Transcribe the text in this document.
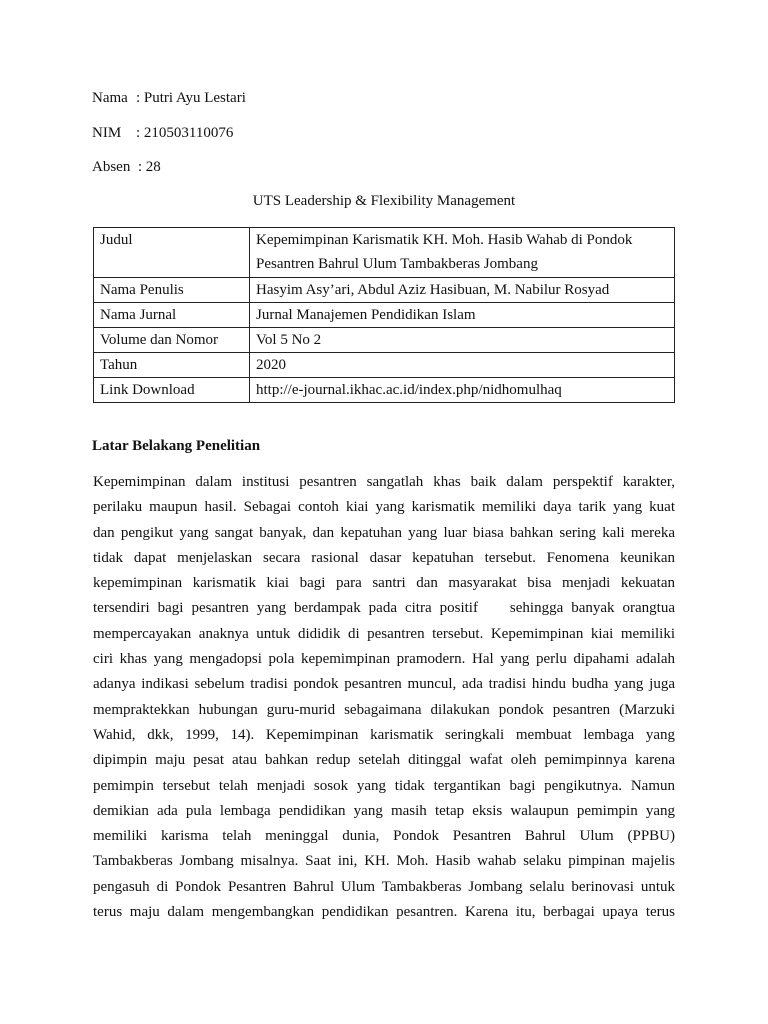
Nama : Putri Ayu Lestari
NIM : 210503110076
Absen  : 28
UTS Leadership & Flexibility Management
Judul	Kepemimpinan Karismatik KH. Moh. Hasib Wahab di Pondok
Pesantren Bahrul Ulum Tambakberas Jombang

Nama Penulis	Hasyim Asy’ari, Abdul Aziz Hasibuan, M. Nabilur Rosyad
Nama Jurnal	Jurnal Manajemen Pendidikan Islam
Volume dan Nomor	Vol 5 No 2
Tahun	2020
Link Download	http://e-journal.ikhac.ac.id/index.php/nidhomulhaq
Latar Belakang Penelitian
Kepemimpinan dalam institusi pesantren sangatlah khas baik dalam perspektif karakter,
perilaku maupun hasil. Sebagai contoh kiai yang karismatik memiliki daya tarik yang kuat
dan pengikut yang sangat banyak, dan kepatuhan yang luar biasa bahkan sering kali mereka
tidak dapat menjelaskan secara rasional dasar kepatuhan tersebut. Fenomena keunikan
kepemimpinan karismatik kiai bagi para santri dan masyarakat bisa menjadi kekuatan
tersendiri bagi pesantren yang berdampak pada citra positif    sehingga banyak orangtua
mempercayakan anaknya untuk dididik di pesantren tersebut. Kepemimpinan kiai memiliki
ciri khas yang mengadopsi pola kepemimpinan pramodern. Hal yang perlu dipahami adalah
adanya indikasi sebelum tradisi pondok pesantren muncul, ada tradisi hindu budha yang juga
mempraktekkan hubungan guru-murid sebagaimana dilakukan pondok pesantren (Marzuki
Wahid, dkk, 1999, 14). Kepemimpinan karismatik seringkali membuat lembaga yang
dipimpin maju pesat atau bahkan redup setelah ditinggal wafat oleh pemimpinnya karena
pemimpin tersebut telah menjadi sosok yang tidak tergantikan bagi pengikutnya. Namun
demikian ada pula lembaga pendidikan yang masih tetap eksis walaupun pemimpin yang
memiliki karisma telah meninggal dunia, Pondok Pesantren Bahrul Ulum (PPBU)
Tambakberas Jombang misalnya. Saat ini, KH. Moh. Hasib wahab selaku pimpinan majelis
pengasuh di Pondok Pesantren Bahrul Ulum Tambakberas Jombang selalu berinovasi untuk
terus maju dalam mengembangkan pendidikan pesantren. Karena itu, berbagai upaya terus
